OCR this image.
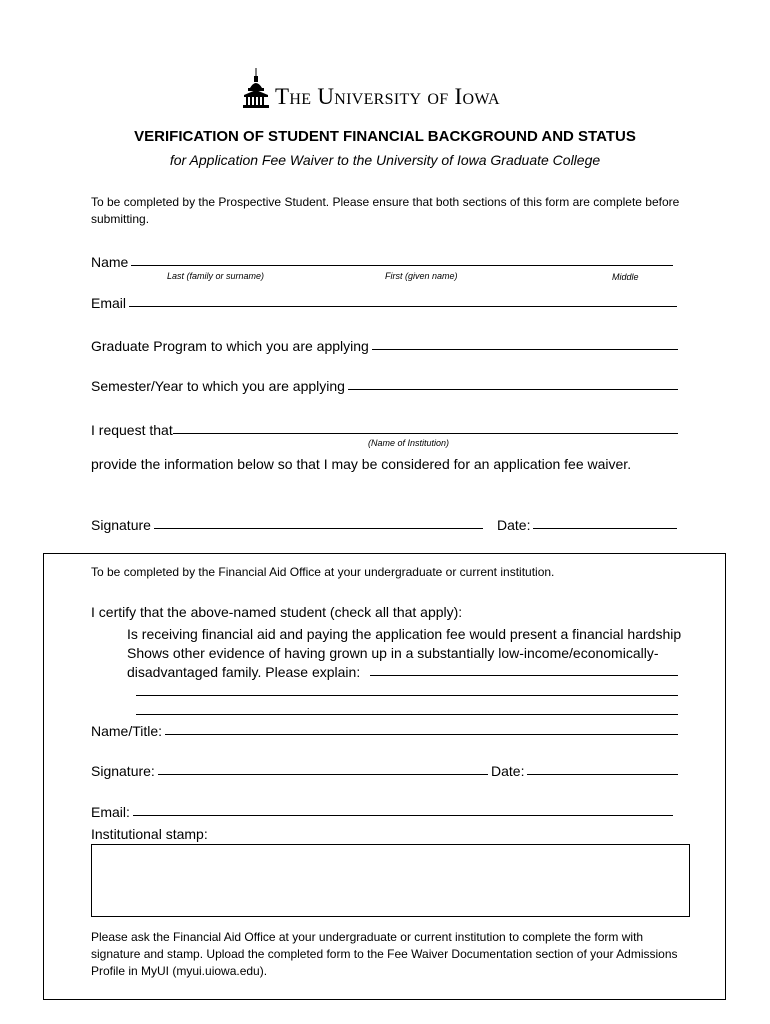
The University of Iowa
VERIFICATION OF STUDENT FINANCIAL BACKGROUND AND STATUS
for Application Fee Waiver to the University of Iowa Graduate College
To be completed by the Prospective Student. Please ensure that both sections of this form are complete before submitting.
Name
Last (family or surname)	First (given name)	Middle
Email
Graduate Program to which you are applying
Semester/Year to which you are applying
I request that
(Name of Institution)
provide the information below so that I may be considered for an application fee waiver.
Signature	Date:
To be completed by the Financial Aid Office at your undergraduate or current institution.
I certify that the above-named student (check all that apply):
Is receiving financial aid and paying the application fee would present a financial hardship
Shows other evidence of having grown up in a substantially low-income/economically-
disadvantaged family. Please explain:
Name/Title:
Signature:	Date:
Email:
Institutional stamp:
Please ask the Financial Aid Office at your undergraduate or current institution to complete the form with signature and stamp. Upload the completed form to the Fee Waiver Documentation section of your Admissions Profile in MyUI (myui.uiowa.edu).
